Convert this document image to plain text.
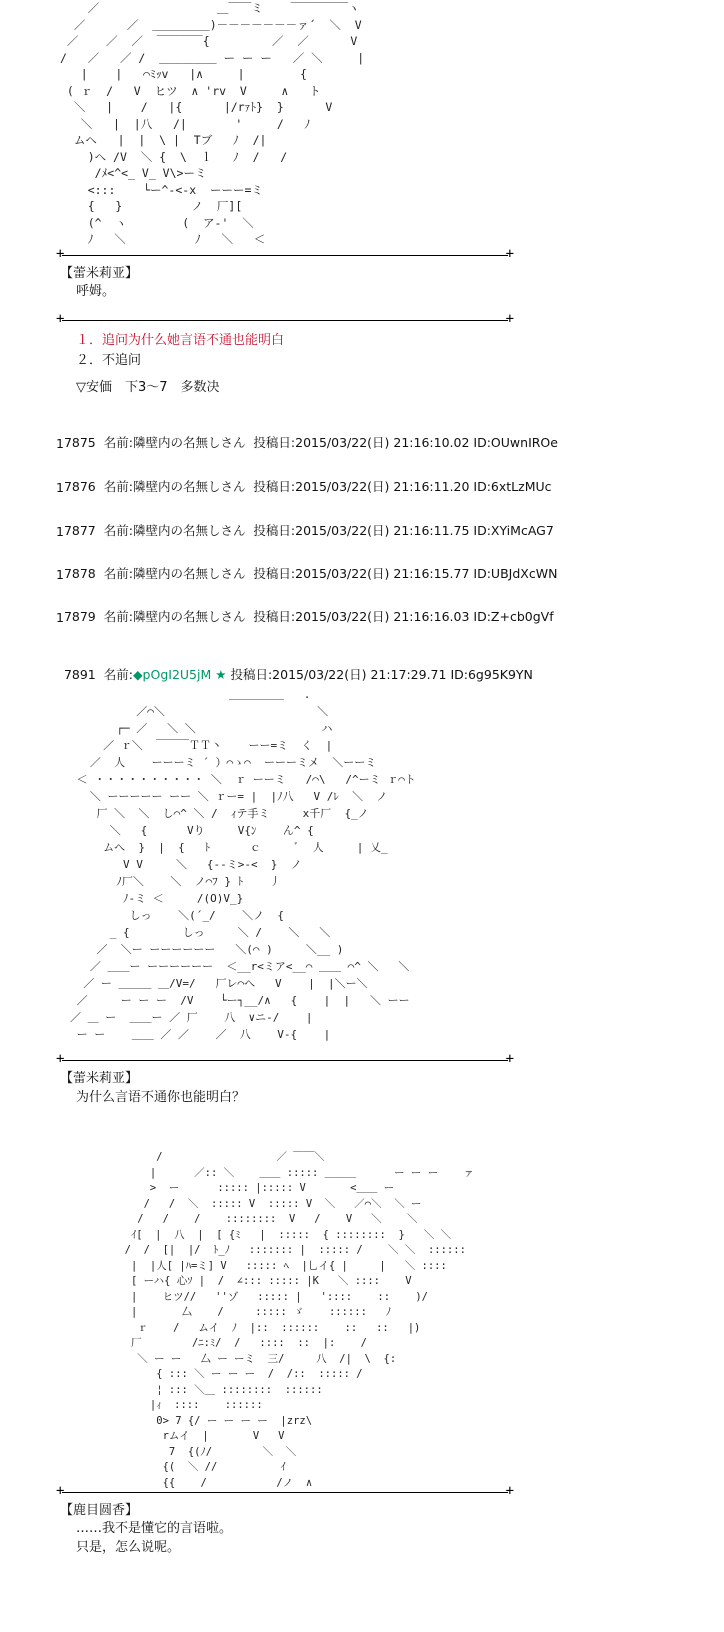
／                 ＿￣￣ミ    ￣￣￣￣￣ヽ
／      ／  ＿＿＿＿＿)－－－－－－－ァ´  ＼  V
／    ／  ／  ￣￣￣￣{         ／  ／      V
/   ／   ／ /  ＿＿＿＿＿ ー ー ー   ／ ＼     |
|    |   ⌒ﾐｯv   |∧     |        {
( ｒ  /   V  ヒツ  ∧ 'rv  V     ∧   ト
＼   |    /   |{      |/rｧﾄ}  }      V
＼   |  |八   /|       '     /   ﾉ
ムへ   |  |  \ |  Tブ   ﾉ  /|
)へ /V  ＼ {  \  ｌ   ﾉ  /   /
/ﾒ<^<_ V_ V\>ーミ
<:::    └ー^-<-x  ーーー=ミ
{   }          ノ  厂][
(^  ヽ        (  ア-'  ＼
ﾉ   ＼          ﾉ   ＼   ＜
+	+
【蕾米莉亚】
呼姆。
+	+
１．追问为什么她言语不通也能明白
２．不追问
▽安価　下3～7　多数决

7875 名前:隣壁内の名無しさん 投稿日:2015/03/22(日) 21:16:10.02 ID:OUwnIROe

1

7876 名前:隣壁内の名無しさん 投稿日:2015/03/22(日) 21:16:11.20 ID:6xtLzMUc

1

7877 名前:隣壁内の名無しさん 投稿日:2015/03/22(日) 21:16:11.75 ID:XYiMcAG7

1

7878 名前:隣壁内の名無しさん 投稿日:2015/03/22(日) 21:16:15.77 ID:UBJdXcWN

1

7879 名前:隣壁内の名無しさん 投稿日:2015/03/22(日) 21:16:16.03 ID:Z+cb0gVf

1

7891 名前:◆pOgI2U5jM ★ 投稿日:2015/03/22(日) 21:17:29.71 ID:6g95K9YN

＿＿＿＿＿   .
／⌒＼                       ＼
┌─ ／   ＼ ＼                   ハ
／ ｒ＼  ￣￣￣ＴＴ丶    ーー=ミ  く  |
／  人    ーーーミ ´ ）⌒ゝ⌒  ーーーミメ  ＼ーーミ
＜ ・・・・・・・・・・ ＼  ｒ ーーミ   /⌒\   /^ーミ ｒ⌒ト
＼ ーーーーー ーー ＼ ｒー= |  |ﾉ八   V /ﾚ  ＼  ノ
厂 ＼  ＼  し⌒^ ＼ /  ｨテ手ミ     x千厂  {_ノ
＼   {      Vり     V{ﾝ    ん^ {
ムへ  }  |  {   ﾄ      ｃ     ﾞ  人     | 乂_
V V     ＼   {--ミ>-<  }  ノ
ﾉ厂＼    ＼  ノ⌒ﾌ } ﾄ    丿
ﾉ-ミ ＜     /(O)V_}
しっ    ＼(´_/    ＼ノ  {
_ {        しっ     ＼ /    ＼   ＼
／  ＼ー ーーーーーー   ＼(⌒ )     ＼__ )
／ ＿＿ー ーーーーーー  ＜__r<ミア<__⌒ ＿＿ ⌒^ ＼   ＼
／ ー ＿＿＿ ＿/V=/   厂レ⌒へ   V    |  |＼ー＼
／     ー ー ー  /V    └ー┐__/∧   {    |  |   ＼ ーー
／ ＿ ー  ＿＿ー ／ 厂    八  ∨ニ-/    |
ー ー    ＿＿ ／ ／    ／  八    V-{    |
+	+
【蕾米莉亚】
为什么言语不通你也能明白？
/                  ／ ￣￣＼
|      ／:: ＼    ＿＿ ::::: ＿＿＿      ー ー ー    ァ
>  ー      ::::: |::::: V       <＿＿ ー
/   /  ＼  ::::: V  ::::: V  ＼   ／⌒＼  ＼ ー
/   /    /    ::::::::  V   /    V   ＼    ＼
ｲ[  |  八  |  [ {ﾐ   |  :::::  { ::::::::  }   ＼ ＼
/  /  [|  |/  ﾄ_ﾉ   ::::::: |  ::::: /    ＼ ＼  ::::::
|  |人[ |ﾊ=ミ] V   ::::: ﾍ  |乚イ{ |     |   ＼ ::::
[ ーハ{ 心ｿ |  /  ∠::: ::::: |K   ＼ ::::    V
|    ヒツ//   ''ゾ   ::::: |   '::::    ::    )/
|       厶    /     ::::: ゞ    ::::::   ﾉ
ｒ    /   ムイ  ﾉ  |::  ::::::    ::   ::   |)
厂        /ﾆ:ﾐ/  /   ::::  ::  |:    /
＼ ー ー   厶 ー ーミ  三/     八  /|  \  {:
{ ::: ＼ ー ー ー  /  /::  ::::: /
¦ ::: ＼＿ ::::::::  ::::::
|ｨ  ::::    ::::::
0> 7 {/ ー ー ー ー  |zrz\
rムイ  |       V   V
7  {(ﾉ/        ＼  ＼
{(  ＼ //          ｲ
{{    /           /ノ  ∧
+	+
【鹿目圆香】
……我不是懂它的言语啦。
只是，怎么说呢。
